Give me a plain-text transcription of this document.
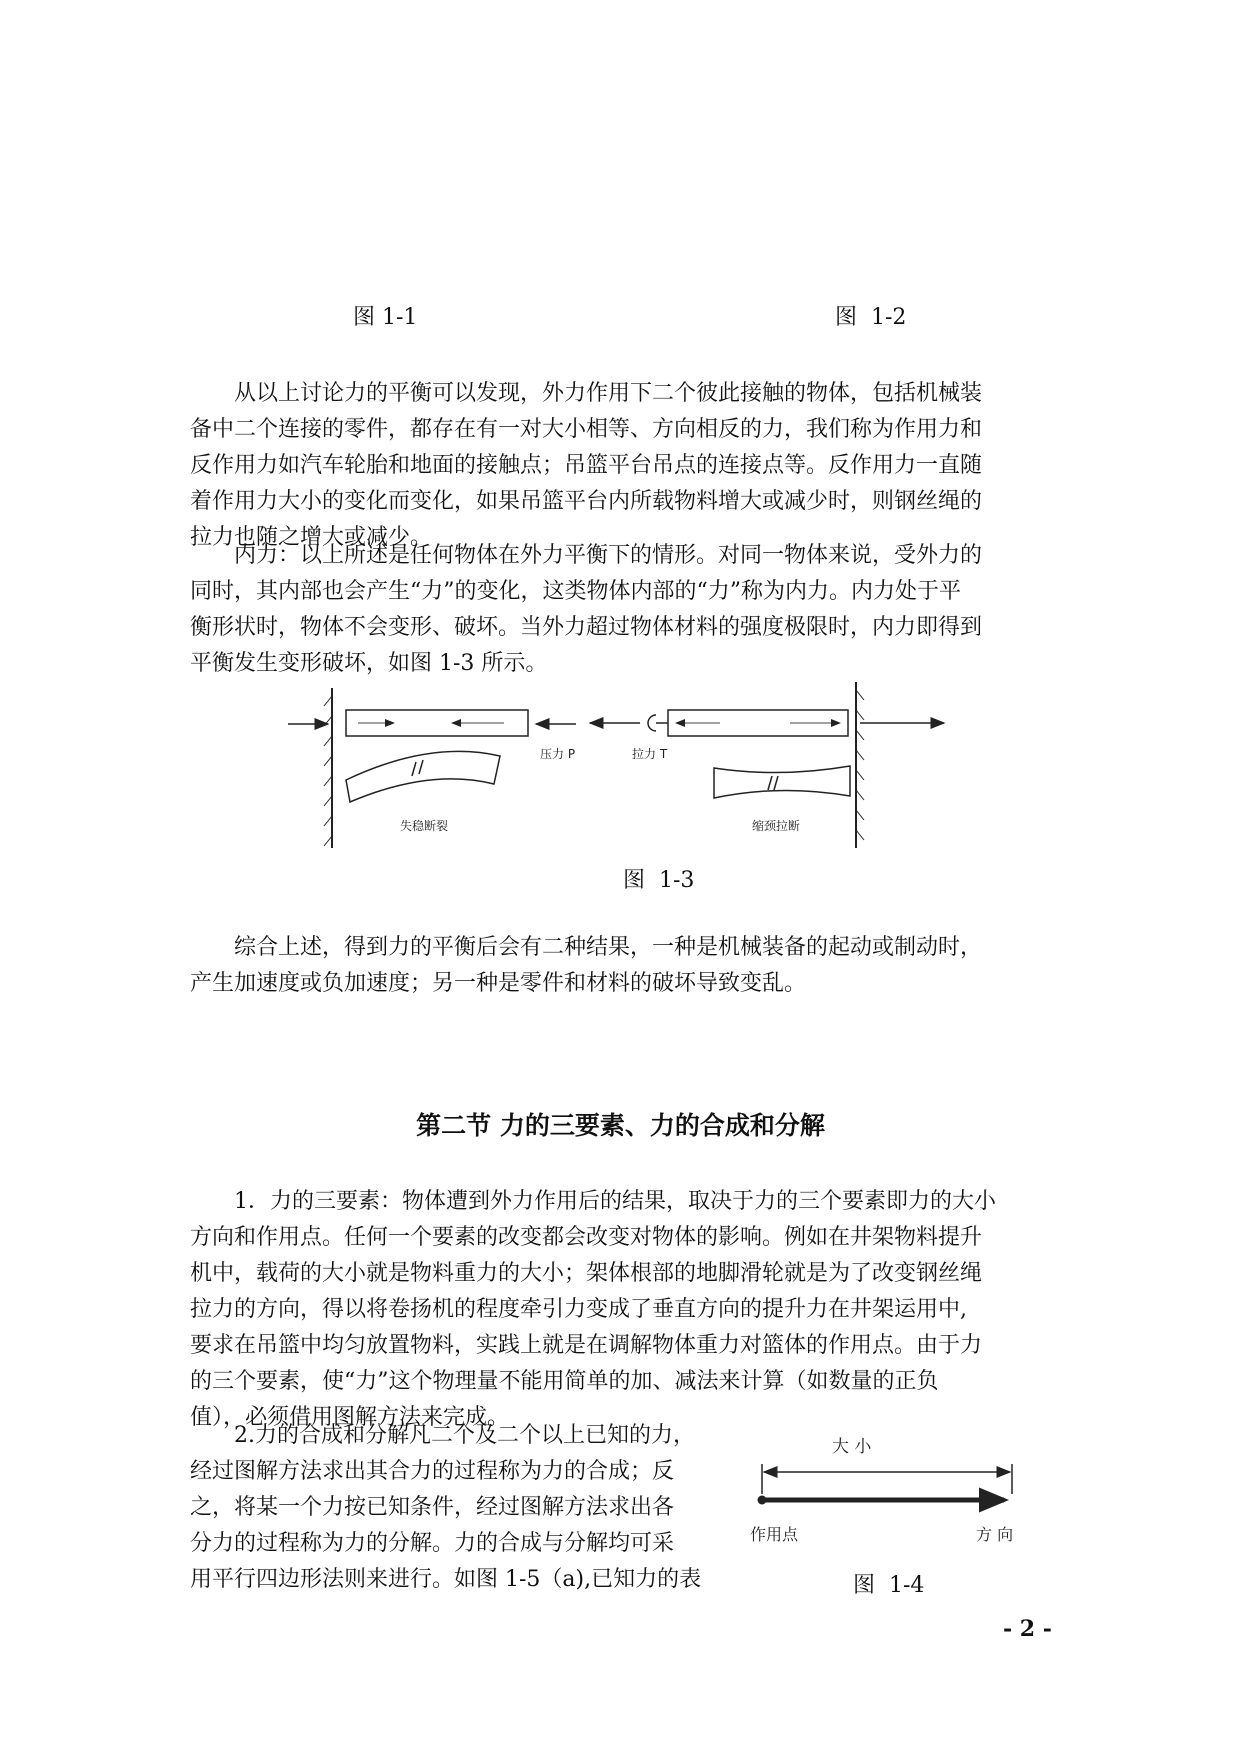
图 1-1	图  1-2
从以上讨论力的平衡可以发现，外力作用下二个彼此接触的物体，包括机械装
备中二个连接的零件，都存在有一对大小相等、方向相反的力，我们称为作用力和
反作用力如汽车轮胎和地面的接触点；吊篮平台吊点的连接点等。反作用力一直随
着作用力大小的变化而变化，如果吊篮平台内所载物料增大或减少时，则钢丝绳的
拉力也随之增大或减少。
内力：以上所述是任何物体在外力平衡下的情形。对同一物体来说，受外力的
同时，其内部也会产生“力”的变化，这类物体内部的“力”称为内力。内力处于平
衡形状时，物体不会变形、破坏。当外力超过物体材料的强度极限时，内力即得到
平衡发生变形破坏，如图 1-3 所示。
压力 P	拉力 T
失稳断裂	缩颈拉断
图  1-3
综合上述，得到力的平衡后会有二种结果，一种是机械装备的起动或制动时，
产生加速度或负加速度；另一种是零件和材料的破坏导致变乱。
第二节 力的三要素、力的合成和分解
1．力的三要素：物体遭到外力作用后的结果，取决于力的三个要素即力的大小
方向和作用点。任何一个要素的改变都会改变对物体的影响。例如在井架物料提升
机中，载荷的大小就是物料重力的大小；架体根部的地脚滑轮就是为了改变钢丝绳
拉力的方向，得以将卷扬机的程度牵引力变成了垂直方向的提升力在井架运用中,
要求在吊篮中均匀放置物料，实践上就是在调解物体重力对篮体的作用点。由于力
的三个要素，使“力”这个物理量不能用简单的加、减法来计算（如数量的正负
值），必须借用图解方法来完成。
2.力的合成和分解凡二个及二个以上已知的力，
经过图解方法求出其合力的过程称为力的合成；反
之，将某一个力按已知条件，经过图解方法求出各
分力的过程称为力的分解。力的合成与分解均可采
用平行四边形法则来进行。如图 1-5（a),已知力的表
大 小
作用点	方 向
图  1-4
- 2 -
